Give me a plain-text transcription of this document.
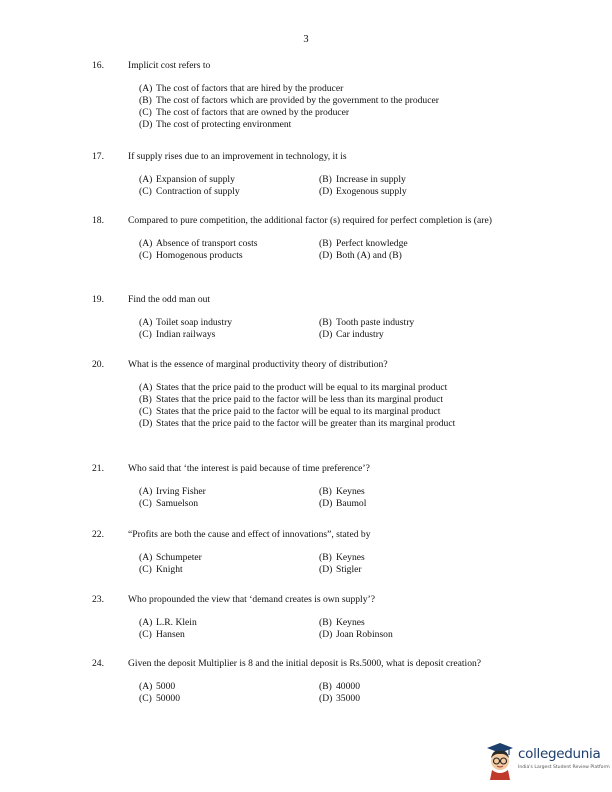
3
16.	Implicit cost refers to
(A) The cost of factors that are hired by the producer
(B) The cost of factors which are provided by the government to the producer
(C) The cost of factors that are owned by the producer
(D) The cost of protecting environment
17.	If supply rises due to an improvement in technology, it is
(A) Expansion of supply	(B) Increase in supply
(C) Contraction of supply	(D) Exogenous supply
18.	Compared to pure competition, the additional factor (s) required for perfect completion is (are)
(A) Absence of transport costs	(B) Perfect knowledge
(C) Homogenous products	(D) Both (A) and (B)
19.	Find the odd man out
(A) Toilet soap industry	(B) Tooth paste industry
(C) Indian railways	(D) Car industry
20.	What is the essence of marginal productivity theory of distribution?
(A) States that the price paid to the product will be equal to its marginal product
(B) States that the price paid to the factor will be less than its marginal product
(C) States that the price paid to the factor will be equal to its marginal product
(D) States that the price paid to the factor will be greater than its marginal product
21.	Who said that ‘the interest is paid because of time preference’?
(A) Irving Fisher	(B) Keynes
(C) Samuelson	(D) Baumol
22.	“Profits are both the cause and effect of innovations”, stated by
(A) Schumpeter	(B) Keynes
(C) Knight	(D) Stigler
23.	Who propounded the view that ‘demand creates is own supply’?
(A) L.R. Klein	(B) Keynes
(C) Hansen	(D) Joan Robinson
24.	Given the deposit Multiplier is 8 and the initial deposit is Rs.5000, what is deposit creation?
(A) 5000	(B) 40000
(C) 50000	(D) 35000
collegedunia
India's Largest Student Review Platform
